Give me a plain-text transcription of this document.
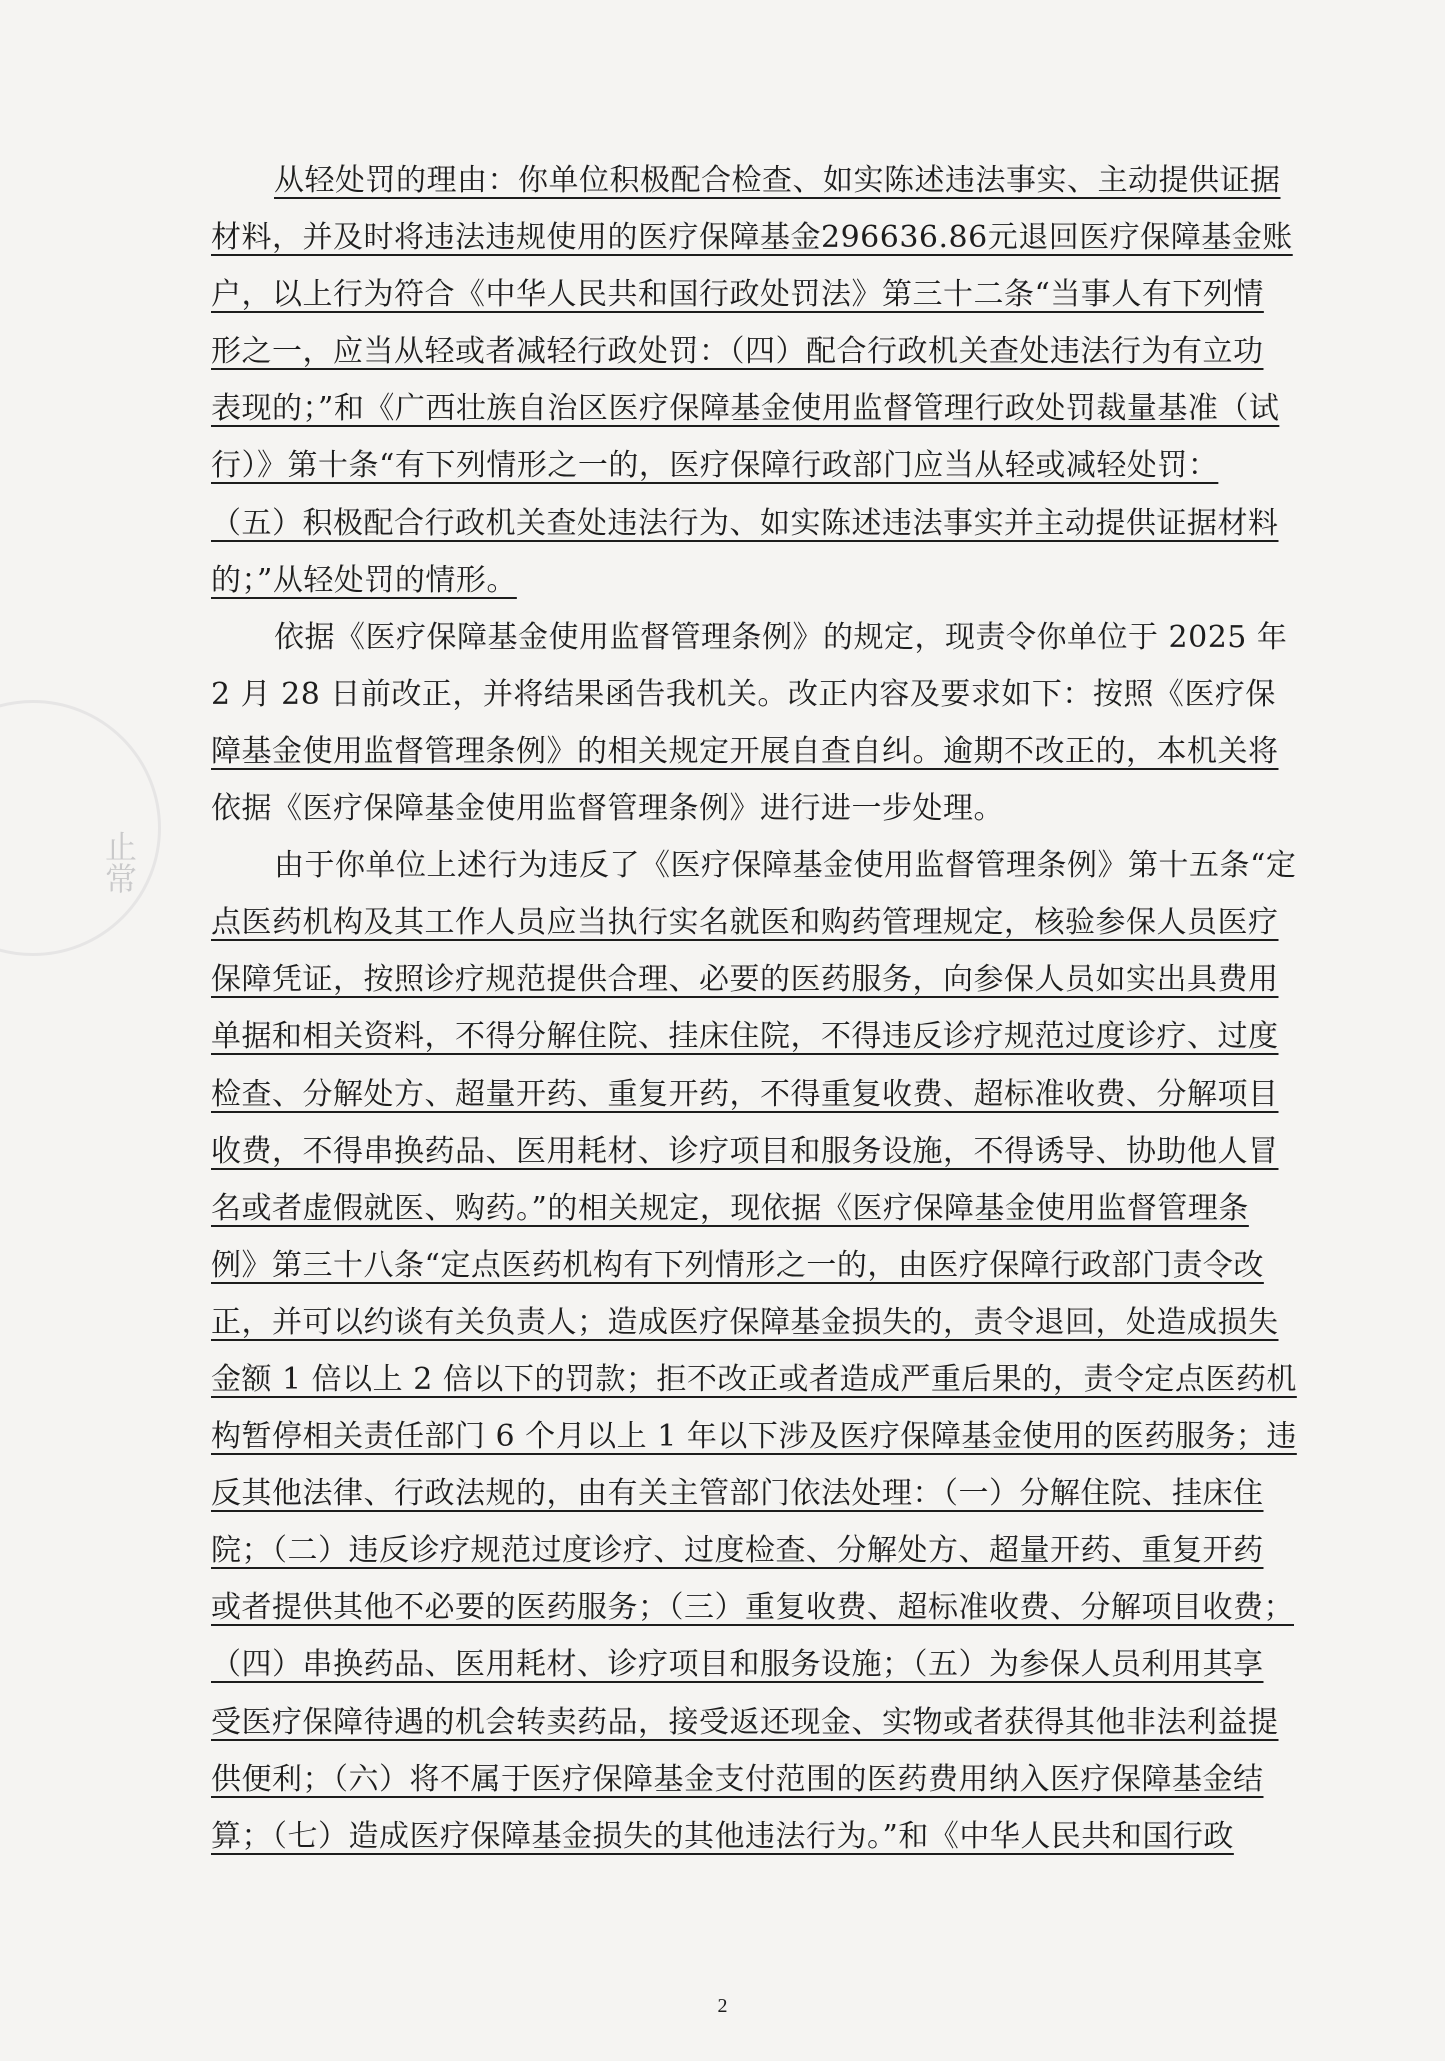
止常
从轻处罚的理由：你单位积极配合检查、如实陈述违法事实、主动提供证据
材料，并及时将违法违规使用的医疗保障基金296636.86元退回医疗保障基金账
户，以上行为符合《中华人民共和国行政处罚法》第三十二条“当事人有下列情
形之一，应当从轻或者减轻行政处罚：（四）配合行政机关查处违法行为有立功
表现的；”和《广西壮族自治区医疗保障基金使用监督管理行政处罚裁量基准（试
行）》第十条“有下列情形之一的，医疗保障行政部门应当从轻或减轻处罚：
（五）积极配合行政机关查处违法行为、如实陈述违法事实并主动提供证据材料
的；”从轻处罚的情形。
依据《医疗保障基金使用监督管理条例》的规定，现责令你单位于 2025 年
2 月 28 日前改正，并将结果函告我机关。改正内容及要求如下：按照《医疗保
障基金使用监督管理条例》的相关规定开展自查自纠。逾期不改正的，本机关将
依据《医疗保障基金使用监督管理条例》进行进一步处理。
由于你单位上述行为违反了《医疗保障基金使用监督管理条例》第十五条“定
点医药机构及其工作人员应当执行实名就医和购药管理规定，核验参保人员医疗
保障凭证，按照诊疗规范提供合理、必要的医药服务，向参保人员如实出具费用
单据和相关资料，不得分解住院、挂床住院，不得违反诊疗规范过度诊疗、过度
检查、分解处方、超量开药、重复开药，不得重复收费、超标准收费、分解项目
收费，不得串换药品、医用耗材、诊疗项目和服务设施，不得诱导、协助他人冒
名或者虚假就医、购药。”的相关规定，现依据《医疗保障基金使用监督管理条
例》第三十八条“定点医药机构有下列情形之一的，由医疗保障行政部门责令改
正，并可以约谈有关负责人；造成医疗保障基金损失的，责令退回，处造成损失
金额 1 倍以上 2 倍以下的罚款；拒不改正或者造成严重后果的，责令定点医药机
构暂停相关责任部门 6 个月以上 1 年以下涉及医疗保障基金使用的医药服务；违
反其他法律、行政法规的，由有关主管部门依法处理：（一）分解住院、挂床住
院；（二）违反诊疗规范过度诊疗、过度检查、分解处方、超量开药、重复开药
或者提供其他不必要的医药服务；（三）重复收费、超标准收费、分解项目收费；
（四）串换药品、医用耗材、诊疗项目和服务设施；（五）为参保人员利用其享
受医疗保障待遇的机会转卖药品，接受返还现金、实物或者获得其他非法利益提
供便利；（六）将不属于医疗保障基金支付范围的医药费用纳入医疗保障基金结
算；（七）造成医疗保障基金损失的其他违法行为。”和《中华人民共和国行政
2
